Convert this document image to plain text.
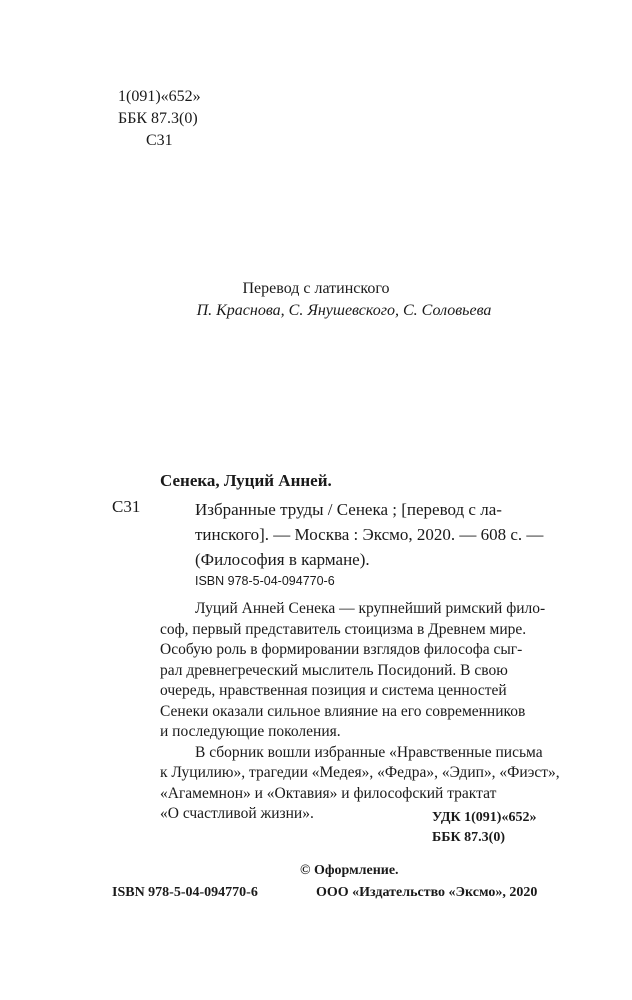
1(091)«652»
ББК 87.3(0)
С31
Перевод с латинского
П. Краснова, С. Янушевского, С. Соловьева
Сенека, Луций Анней.
С31	Избранные труды / Сенека ; [перевод с ла-
тинского]. — Москва : Эксмо, 2020. — 608 с. —
(Философия в кармане).
ISBN 978-5-04-094770-6
Луций Анней Сенека — крупнейший римский фило-
соф, первый представитель стоицизма в Древнем мире.
Особую роль в формировании взглядов философа сыг-
рал древнегреческий мыслитель Посидоний. В свою
очередь, нравственная позиция и система ценностей
Сенеки оказали сильное влияние на его современников
и последующие поколения.
В сборник вошли избранные «Нравственные письма
к Луцилию», трагедии «Медея», «Федра», «Эдип», «Фиэст»,
«Агамемнон» и «Октавия» и философский трактат
«О счастливой жизни».	УДК 1(091)«652»
ББК 87.3(0)
© Оформление.
ISBN 978-5-04-094770-6	ООО «Издательство «Эксмо», 2020
